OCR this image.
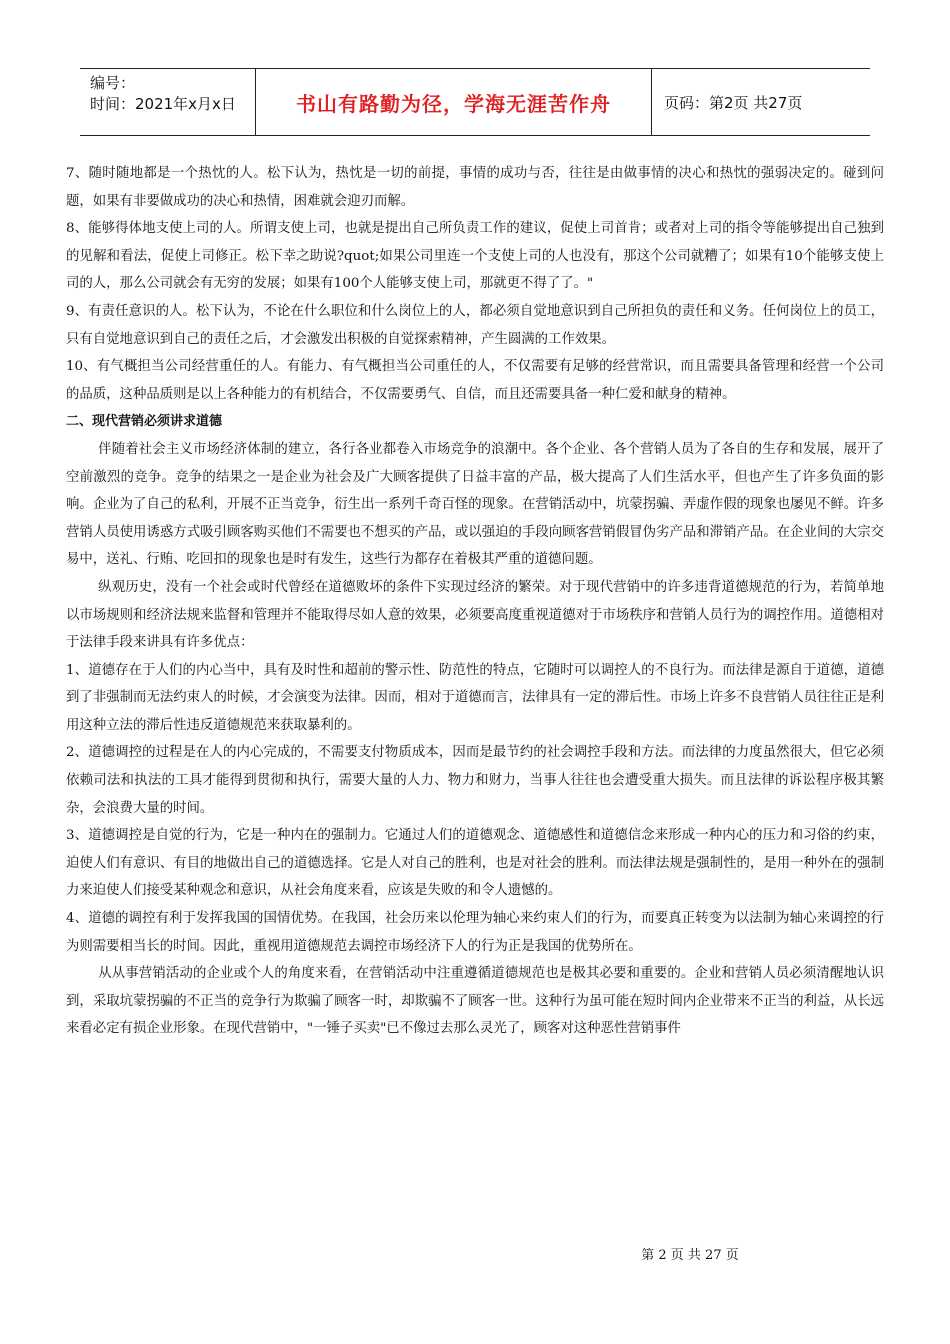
编号：
时间：2021年x月x日	书山有路勤为径，学海无涯苦作舟	页码：第2页 共27页

7、随时随地都是一个热忱的人。松下认为，热忱是一切的前提，事情的成功与否，往往是由做事情的决心和热忱的强弱决定的。碰到问题，如果有非要做成功的决心和热情，困难就会迎刃而解。

8、能够得体地支使上司的人。所谓支使上司，也就是提出自己所负责工作的建议，促使上司首肯；或者对上司的指令等能够提出自己独到的见解和看法，促使上司修正。松下幸之助说?quot;如果公司里连一个支使上司的人也没有，那这个公司就糟了；如果有10个能够支使上司的人，那么公司就会有无穷的发展；如果有100个人能够支使上司，那就更不得了了。"

9、有责任意识的人。松下认为，不论在什么职位和什么岗位上的人，都必须自觉地意识到自己所担负的责任和义务。任何岗位上的员工，只有自觉地意识到自己的责任之后，才会激发出积极的自觉探索精神，产生圆满的工作效果。

10、有气概担当公司经营重任的人。有能力、有气概担当公司重任的人，不仅需要有足够的经营常识，而且需要具备管理和经营一个公司的品质，这种品质则是以上各种能力的有机结合，不仅需要勇气、自信，而且还需要具备一种仁爱和献身的精神。

二、现代营销必须讲求道德

伴随着社会主义市场经济体制的建立，各行各业都卷入市场竞争的浪潮中。各个企业、各个营销人员为了各自的生存和发展，展开了空前激烈的竞争。竞争的结果之一是企业为社会及广大顾客提供了日益丰富的产品，极大提高了人们生活水平，但也产生了许多负面的影响。企业为了自己的私利，开展不正当竞争，衍生出一系列千奇百怪的现象。在营销活动中，坑蒙拐骗、弄虚作假的现象也屡见不鲜。许多营销人员使用诱惑方式吸引顾客购买他们不需要也不想买的产品，或以强迫的手段向顾客营销假冒伪劣产品和滞销产品。在企业间的大宗交易中，送礼、行贿、吃回扣的现象也是时有发生，这些行为都存在着极其严重的道德问题。

纵观历史，没有一个社会或时代曾经在道德败坏的条件下实现过经济的繁荣。对于现代营销中的许多违背道德规范的行为，若简单地以市场规则和经济法规来监督和管理并不能取得尽如人意的效果，必须要高度重视道德对于市场秩序和营销人员行为的调控作用。道德相对于法律手段来讲具有许多优点：

1、道德存在于人们的内心当中，具有及时性和超前的警示性、防范性的特点，它随时可以调控人的不良行为。而法律是源自于道德，道德到了非强制而无法约束人的时候，才会演变为法律。因而，相对于道德而言，法律具有一定的滞后性。市场上许多不良营销人员往往正是利用这种立法的滞后性违反道德规范来获取暴利的。

2、道德调控的过程是在人的内心完成的，不需要支付物质成本，因而是最节约的社会调控手段和方法。而法律的力度虽然很大，但它必须依赖司法和执法的工具才能得到贯彻和执行，需要大量的人力、物力和财力，当事人往往也会遭受重大损失。而且法律的诉讼程序极其繁杂，会浪费大量的时间。

3、道德调控是自觉的行为，它是一种内在的强制力。它通过人们的道德观念、道德感性和道德信念来形成一种内心的压力和习俗的约束，迫使人们有意识、有目的地做出自己的道德选择。它是人对自己的胜利，也是对社会的胜利。而法律法规是强制性的，是用一种外在的强制力来迫使人们接受某种观念和意识，从社会角度来看，应该是失败的和令人遗憾的。

4、道德的调控有利于发挥我国的国情优势。在我国，社会历来以伦理为轴心来约束人们的行为，而要真正转变为以法制为轴心来调控的行为则需要相当长的时间。因此，重视用道德规范去调控市场经济下人的行为正是我国的优势所在。

从从事营销活动的企业或个人的角度来看，在营销活动中注重遵循道德规范也是极其必要和重要的。企业和营销人员必须清醒地认识到，采取坑蒙拐骗的不正当的竞争行为欺骗了顾客一时，却欺骗不了顾客一世。这种行为虽可能在短时间内企业带来不正当的利益，从长远来看必定有损企业形象。在现代营销中，"一锤子买卖"已不像过去那么灵光了，顾客对这种恶性营销事件

第 2 页 共 27 页
